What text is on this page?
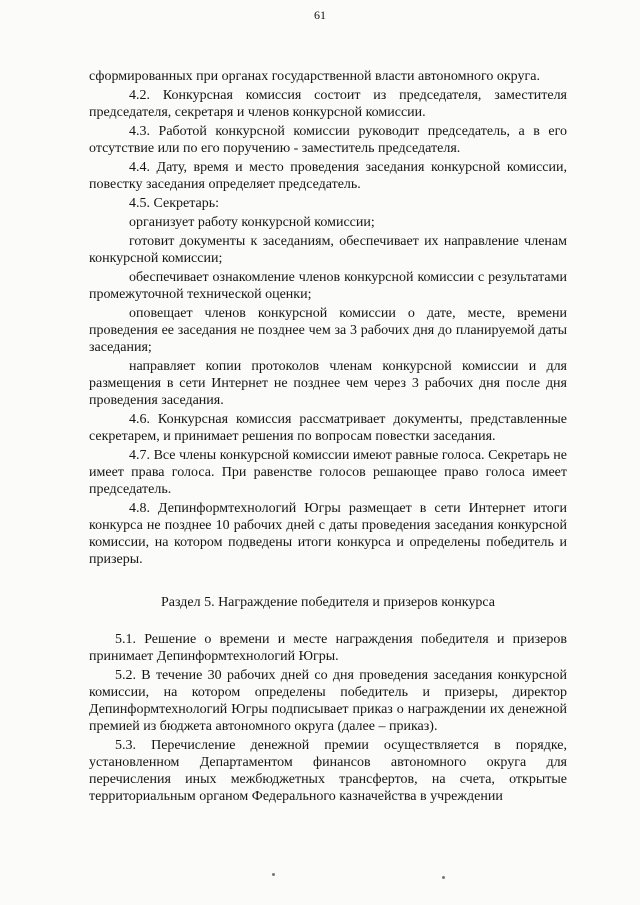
61

сформированных при органах государственной власти автономного округа.

4.2. Конкурсная комиссия состоит из председателя, заместителя председателя, секретаря и членов конкурсной комиссии.

4.3. Работой конкурсной комиссии руководит председатель, а в его отсутствие или по его поручению - заместитель председателя.

4.4. Дату, время и место проведения заседания конкурсной комиссии, повестку заседания определяет председатель.

4.5. Секретарь:

организует работу конкурсной комиссии;

готовит документы к заседаниям, обеспечивает их направление членам конкурсной комиссии;

обеспечивает ознакомление членов конкурсной комиссии с результатами промежуточной технической оценки;

оповещает членов конкурсной комиссии о дате, месте, времени проведения ее заседания не позднее чем за 3 рабочих дня до планируемой даты заседания;

направляет копии протоколов членам конкурсной комиссии и для размещения в сети Интернет не позднее чем через 3 рабочих дня после дня проведения заседания.

4.6. Конкурсная комиссия рассматривает документы, представленные секретарем, и принимает решения по вопросам повестки заседания.

4.7. Все члены конкурсной комиссии имеют равные голоса. Секретарь не имеет права голоса. При равенстве голосов решающее право голоса имеет председатель.

4.8. Депинформтехнологий Югры размещает в сети Интернет итоги конкурса не позднее 10 рабочих дней с даты проведения заседания конкурсной комиссии, на котором подведены итоги конкурса и определены победитель и призеры.

Раздел 5. Награждение победителя и призеров конкурса

5.1. Решение о времени и месте награждения победителя и призеров принимает Депинформтехнологий Югры.

5.2. В течение 30 рабочих дней со дня проведения заседания конкурсной комиссии, на котором определены победитель и призеры, директор Депинформтехнологий Югры подписывает приказ о награждении их денежной премией из бюджета автономного округа (далее – приказ).

5.3. Перечисление денежной премии осуществляется в порядке, установленном Департаментом финансов автономного округа для перечисления иных межбюджетных трансфертов, на счета, открытые территориальным органом Федерального казначейства в учреждении
